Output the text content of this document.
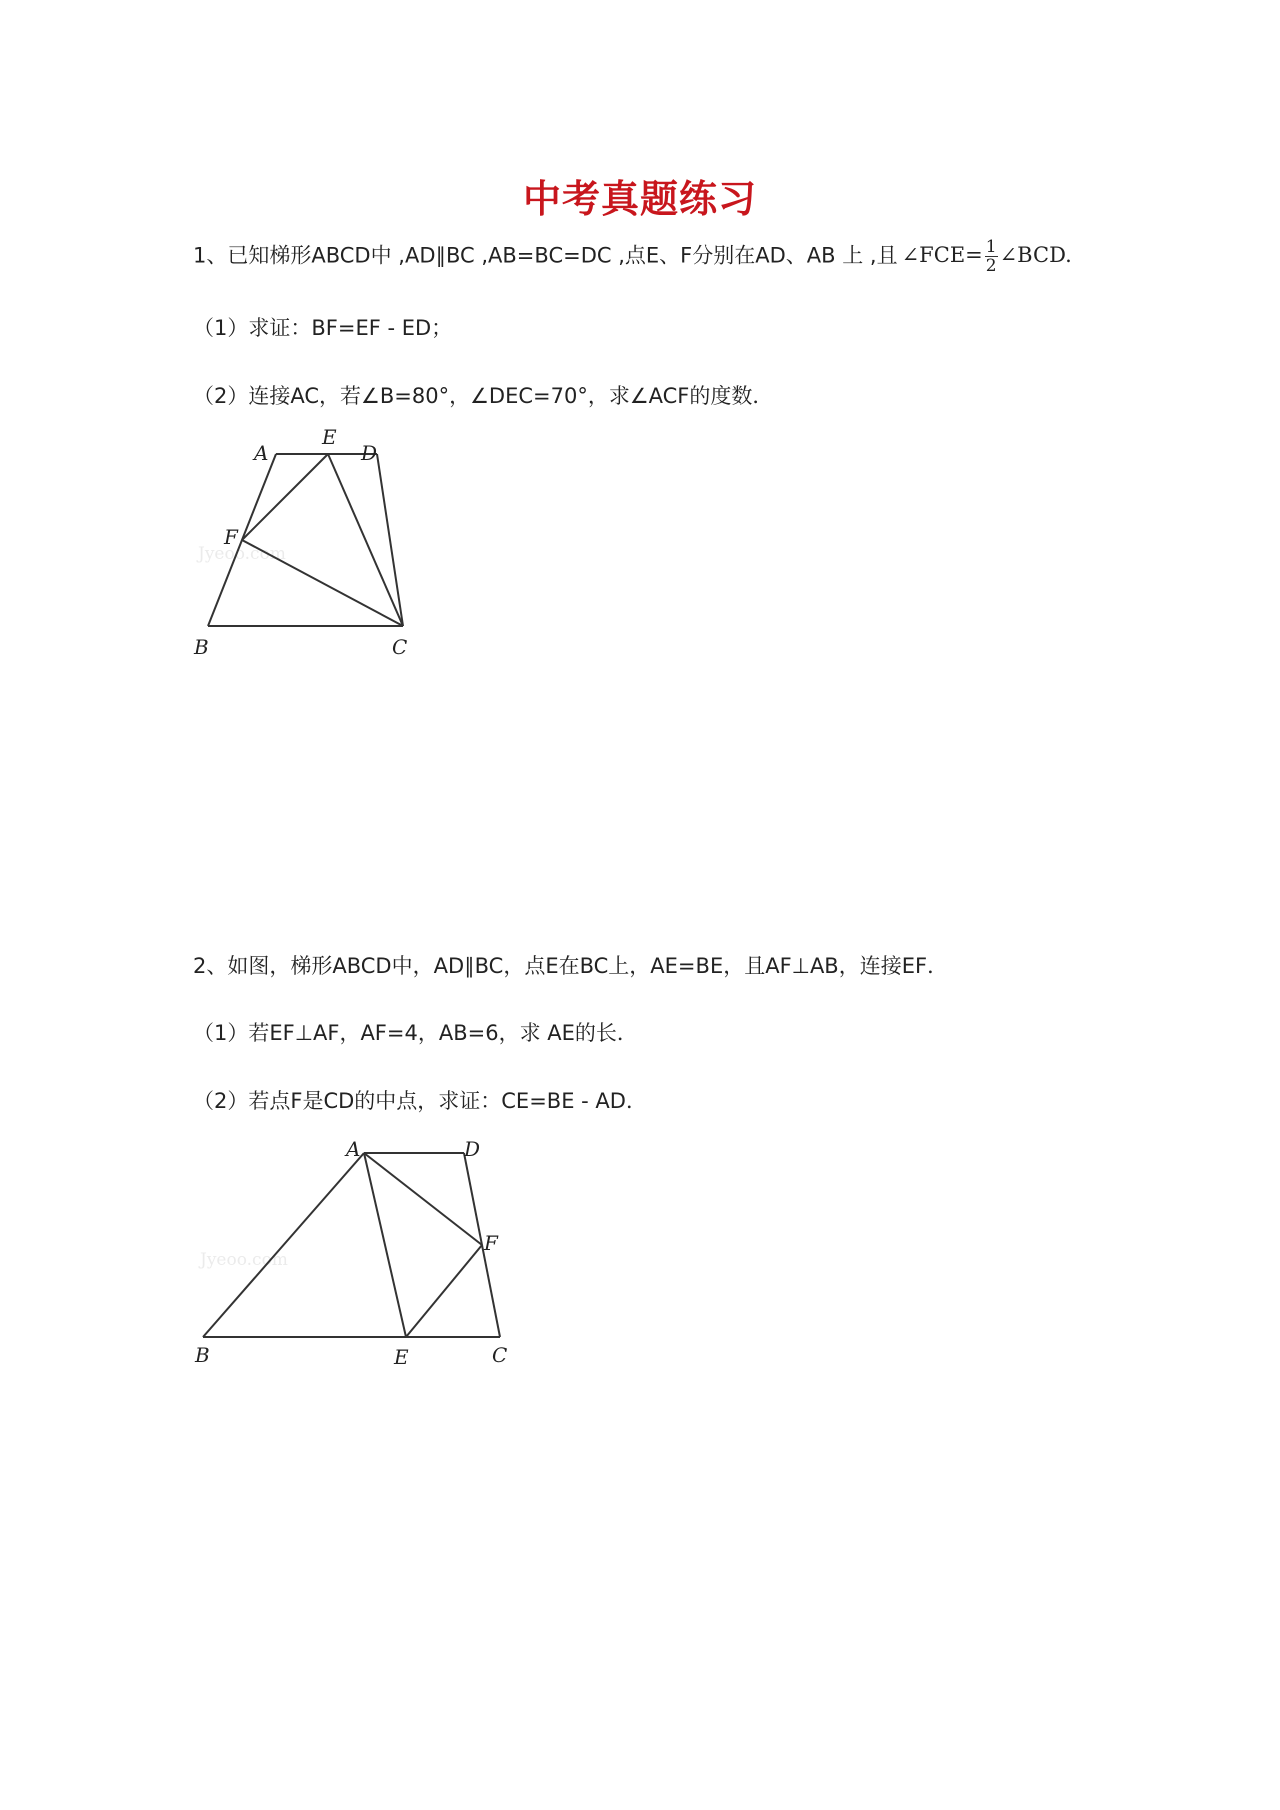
中考真题练习
1、已知梯形ABCD中 ,AD∥BC ,AB=BC=DC ,点E、F分别在AD、AB 上 ,且 ∠FCE= $\frac{1}{2}$ ∠BCD.
（1）求证：BF=EF - ED；
（2）连接AC，若∠B=80°，∠DEC=70°，求∠ACF的度数．
Jyeoo.com
A
E
D
F
B	C
2、如图，梯形ABCD中，AD∥BC，点E在BC上，AE=BE，且AF⊥AB，连接EF．
（1）若EF⊥AF，AF=4，AB=6，求 AE的长．
（2）若点F是CD的中点，求证：CE=BE - AD．
Jyeoo.com
A	D
F
B	E	C
